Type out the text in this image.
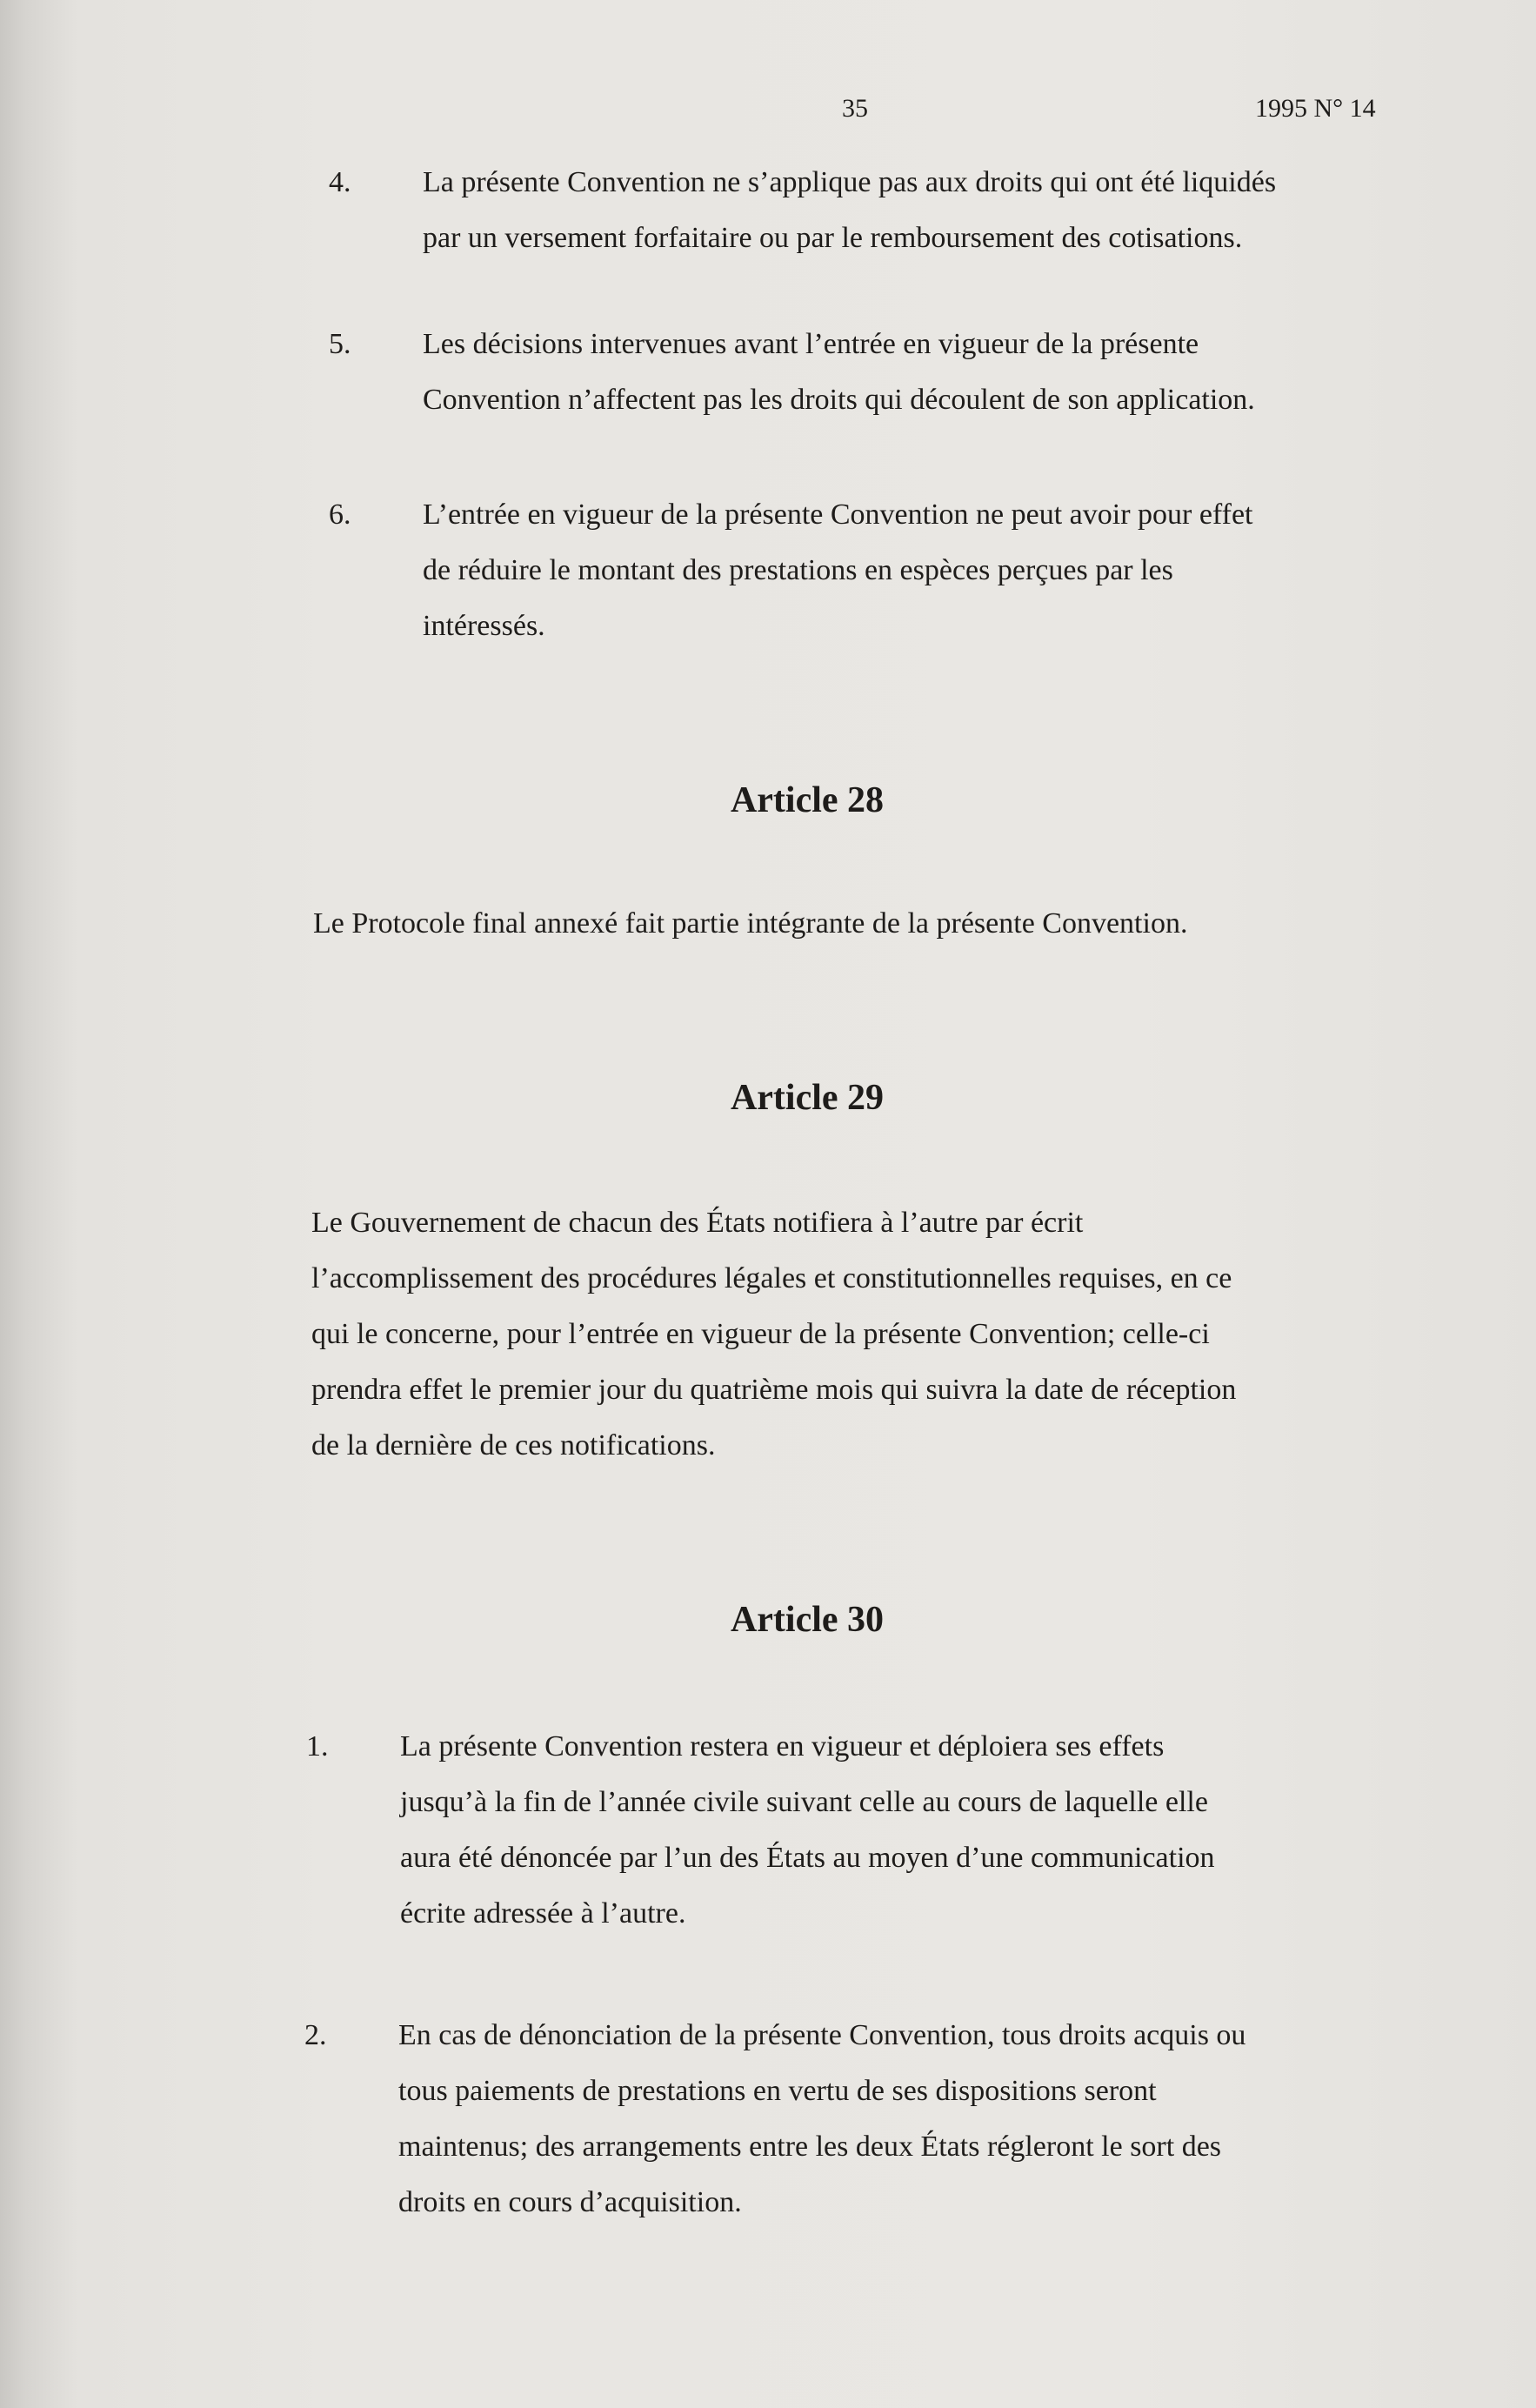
35	1995 N° 14
4. La présente Convention ne s’applique pas aux droits qui ont été liquidés
par un versement forfaitaire ou par le remboursement des cotisations.
5. Les décisions intervenues avant l’entrée en vigueur de la présente
Convention n’affectent pas les droits qui découlent de son application.
6. L’entrée en vigueur de la présente Convention ne peut avoir pour effet
de réduire le montant des prestations en espèces perçues par les
intéressés.
Article 28
Le Protocole final annexé fait partie intégrante de la présente Convention.
Article 29
Le Gouvernement de chacun des États notifiera à l’autre par écrit
l’accomplissement des procédures légales et constitutionnelles requises, en ce
qui le concerne, pour l’entrée en vigueur de la présente Convention; celle-ci
prendra effet le premier jour du quatrième mois qui suivra la date de réception
de la dernière de ces notifications.
Article 30
1. La présente Convention restera en vigueur et déploiera ses effets
jusqu’à la fin de l’année civile suivant celle au cours de laquelle elle
aura été dénoncée par l’un des États au moyen d’une communication
écrite adressée à l’autre.
2. En cas de dénonciation de la présente Convention, tous droits acquis ou
tous paiements de prestations en vertu de ses dispositions seront
maintenus; des arrangements entre les deux États régleront le sort des
droits en cours d’acquisition.
